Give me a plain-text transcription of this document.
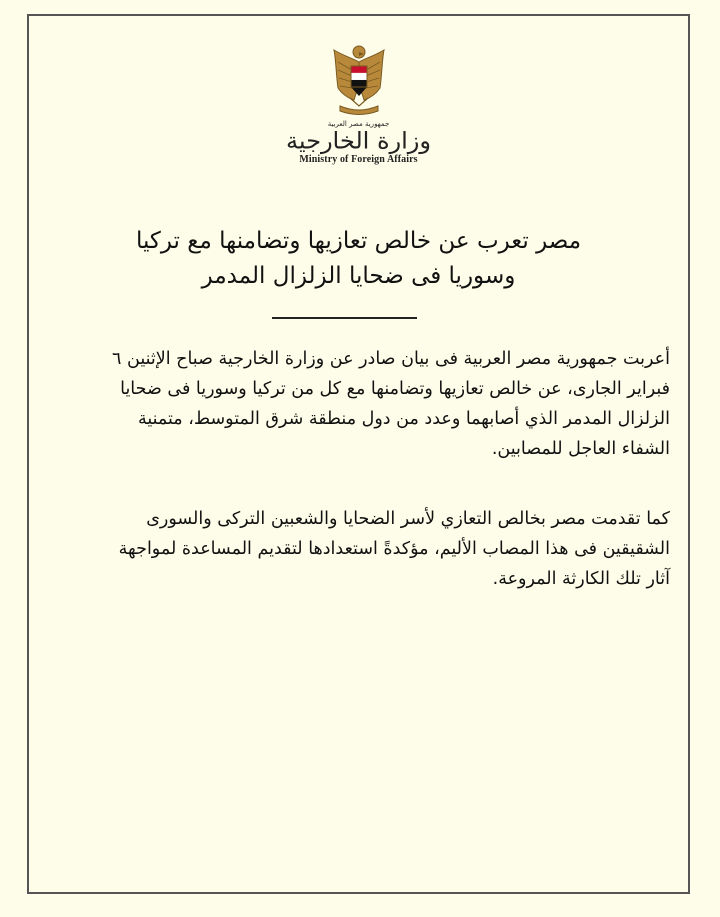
جمهورية مصر العربية
وزارة الخارجية
Ministry of Foreign Affairs
مصر تعرب عن خالص تعازيها وتضامنها مع تركيا
وسوريا فى ضحايا الزلزال المدمر
أعربت جمهورية مصر العربية فى بيان صادر عن وزارة الخارجية صباح الإثنين ٦ فبراير الجارى، عن خالص تعازيها وتضامنها مع كل من تركيا وسوريا فى ضحايا الزلزال المدمر الذي أصابهما وعدد من دول منطقة شرق المتوسط، متمنية الشفاء العاجل للمصابين.
كما تقدمت مصر بخالص التعازي لأسر الضحايا والشعبين التركى والسورى الشقيقين فى هذا المصاب الأليم، مؤكدةً استعدادها لتقديم المساعدة لمواجهة آثار تلك الكارثة المروعة.
